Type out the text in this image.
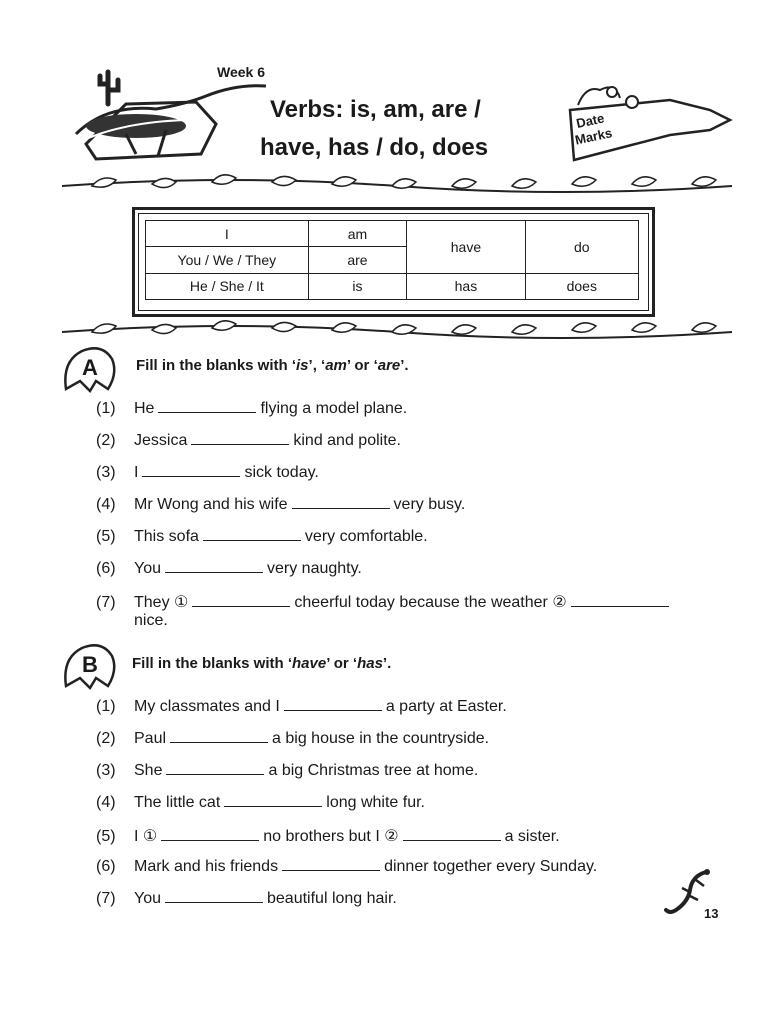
Week 6
Verbs: is, am, are /
have, has / do, does
Date
Marks
I	am	have	do
You / We / They	are		
He / She / It	is	has	does
A	Fill in the blanks with ‘is’, ‘am’ or ‘are’.
(1) He	flying a model plane.
(2) Jessica	kind and polite.
(3) I	sick today.
(4) Mr Wong and his wife	very busy.
(5) This sofa	very comfortable.
(6) You	very naughty.
(7) They ①	cheerful today because the weather ②
nice.
B Fill in the blanks with ‘have’ or ‘has’.
(1) My classmates and I	a party at Easter.
(2) Paul	a big house in the countryside.
(3) She	a big Christmas tree at home.
(4) The little cat	long white fur.
(5) I ①	no brothers but I ②	a sister.
(6) Mark and his friends	dinner together every Sunday.
(7) You	beautiful long hair.
13
